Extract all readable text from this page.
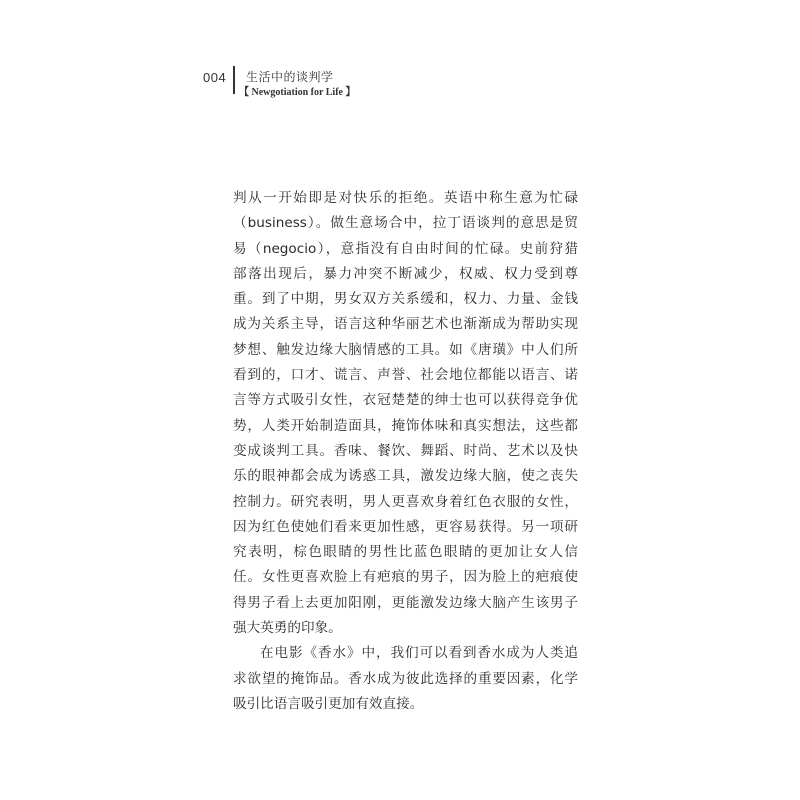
004 生活中的谈判学
【 Newgotiation for Life 】
判从一开始即是对快乐的拒绝。英语中称生意为忙碌
（business）。做生意场合中，拉丁语谈判的意思是贸
易（negocio），意指没有自由时间的忙碌。史前狩猎
部落出现后，暴力冲突不断减少，权威、权力受到尊
重。到了中期，男女双方关系缓和，权力、力量、金钱
成为关系主导，语言这种华丽艺术也渐渐成为帮助实现
梦想、触发边缘大脑情感的工具。如《唐璜》中人们所
看到的，口才、谎言、声誉、社会地位都能以语言、诺
言等方式吸引女性，衣冠楚楚的绅士也可以获得竞争优
势，人类开始制造面具，掩饰体味和真实想法，这些都
变成谈判工具。香味、餐饮、舞蹈、时尚、艺术以及快
乐的眼神都会成为诱惑工具，激发边缘大脑，使之丧失
控制力。研究表明，男人更喜欢身着红色衣服的女性，
因为红色使她们看来更加性感，更容易获得。另一项研
究表明，棕色眼睛的男性比蓝色眼睛的更加让女人信
任。女性更喜欢脸上有疤痕的男子，因为脸上的疤痕使
得男子看上去更加阳刚，更能激发边缘大脑产生该男子
强大英勇的印象。
在电影《香水》中，我们可以看到香水成为人类追
求欲望的掩饰品。香水成为彼此选择的重要因素，化学
吸引比语言吸引更加有效直接。
